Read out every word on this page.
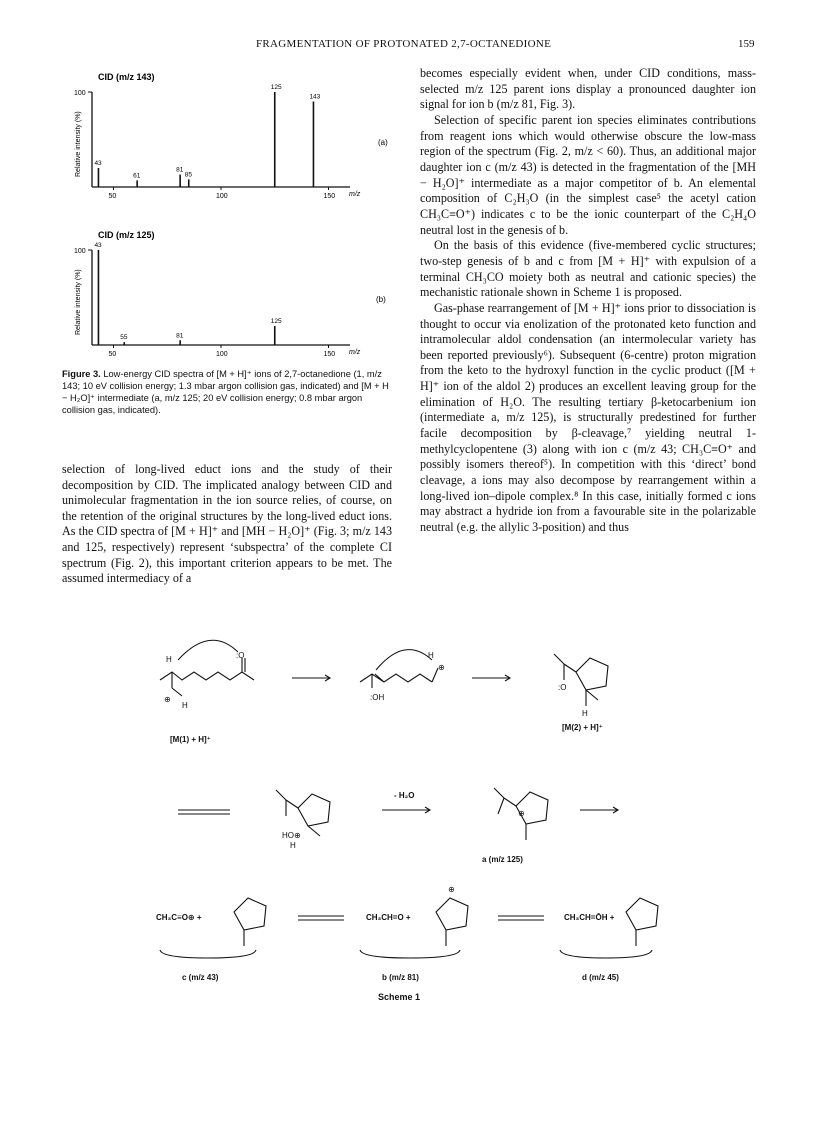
FRAGMENTATION OF PROTONATED 2,7-OCTANEDIONE	159
CID (m/z 143)
Relative intensity (%)
100
50	100	150
43
61
81
85
125
143
m/z
(a)
CID (m/z 125)
Relative intensity (%)
100
50	100	150
43
55	81
125
m/z
(b)
Figure 3. Low-energy CID spectra of [M + H]⁺ ions of 2,7-octanedione (1, m/z 143; 10 eV collision energy; 1.3 mbar argon collision gas, indicated) and [M + H − H₂O]⁺ intermediate (a, m/z 125; 20 eV collision energy; 0.8 mbar argon collision gas, indicated).

selection of long-lived educt ions and the study of their decomposition by CID. The implicated analogy between CID and unimolecular fragmentation in the ion source relies, of course, on the retention of the original structures by the long-lived educt ions. As the CID spectra of [M + H]⁺ and [MH − H₂O]⁺ (Fig. 3; m/z 143 and 125, respectively) represent ‘subspectra’ of the complete CI spectrum (Fig. 2), this important criterion appears to be met. The assumed intermediacy of a

becomes especially evident when, under CID conditions, mass-selected m/z 125 parent ions display a pronounced daughter ion signal for ion b (m/z 81, Fig. 3).

Selection of specific parent ion species eliminates contributions from reagent ions which would otherwise obscure the low-mass region of the spectrum (Fig. 2, m/z < 60). Thus, an additional major daughter ion c (m/z 43) is detected in the fragmentation of the [MH − H₂O]⁺ intermediate as a major competitor of b. An elemental composition of C₂H₃O (in the simplest case⁵ the acetyl cation CH₃C≡O⁺) indicates c to be the ionic counterpart of the C₂H₄O neutral lost in the genesis of b.

On the basis of this evidence (five-membered cyclic structures; two-step genesis of b and c from [M + H]⁺ with expulsion of a terminal CH₃CO moiety both as neutral and cationic species) the mechanistic rationale shown in Scheme 1 is proposed.

Gas-phase rearrangement of [M + H]⁺ ions prior to dissociation is thought to occur via enolization of the protonated keto function and intramolecular aldol condensation (an intermolecular variety has been reported previously⁶). Subsequent (6-centre) proton migration from the keto to the hydroxyl function in the cyclic product ([M + H]⁺ ion of the aldol 2) produces an excellent leaving group for the elimination of H₂O. The resulting tertiary β-ketocarbenium ion (intermediate a, m/z 125), is structurally predestined for further facile decomposition by β-cleavage,⁷ yielding neutral 1-methylcyclopentene (3) along with ion c (m/z 43; CH₃C≡O⁺ and possibly isomers thereof⁵). In competition with this ‘direct’ bond cleavage, a ions may also decompose by rearrangement within a long-lived ion–dipole complex.⁸ In this case, initially formed c ions may abstract a hydride ion from a favourable site in the polarizable neutral (e.g. the allylic 3-position) and thus

H	:O
H
⊕
[M(1) + H]⁺
:OH
H
⊕
:O
H
[M(2) + H]⁺
HO⊕
H
- H₂O
⊕
a (m/z 125)
CH₃C≡O⊕ +	CH₃CH=O +
⊕
CH₃CH=ŌH +
c (m/z 43)	b (m/z 81)	d (m/z 45)
Scheme 1
